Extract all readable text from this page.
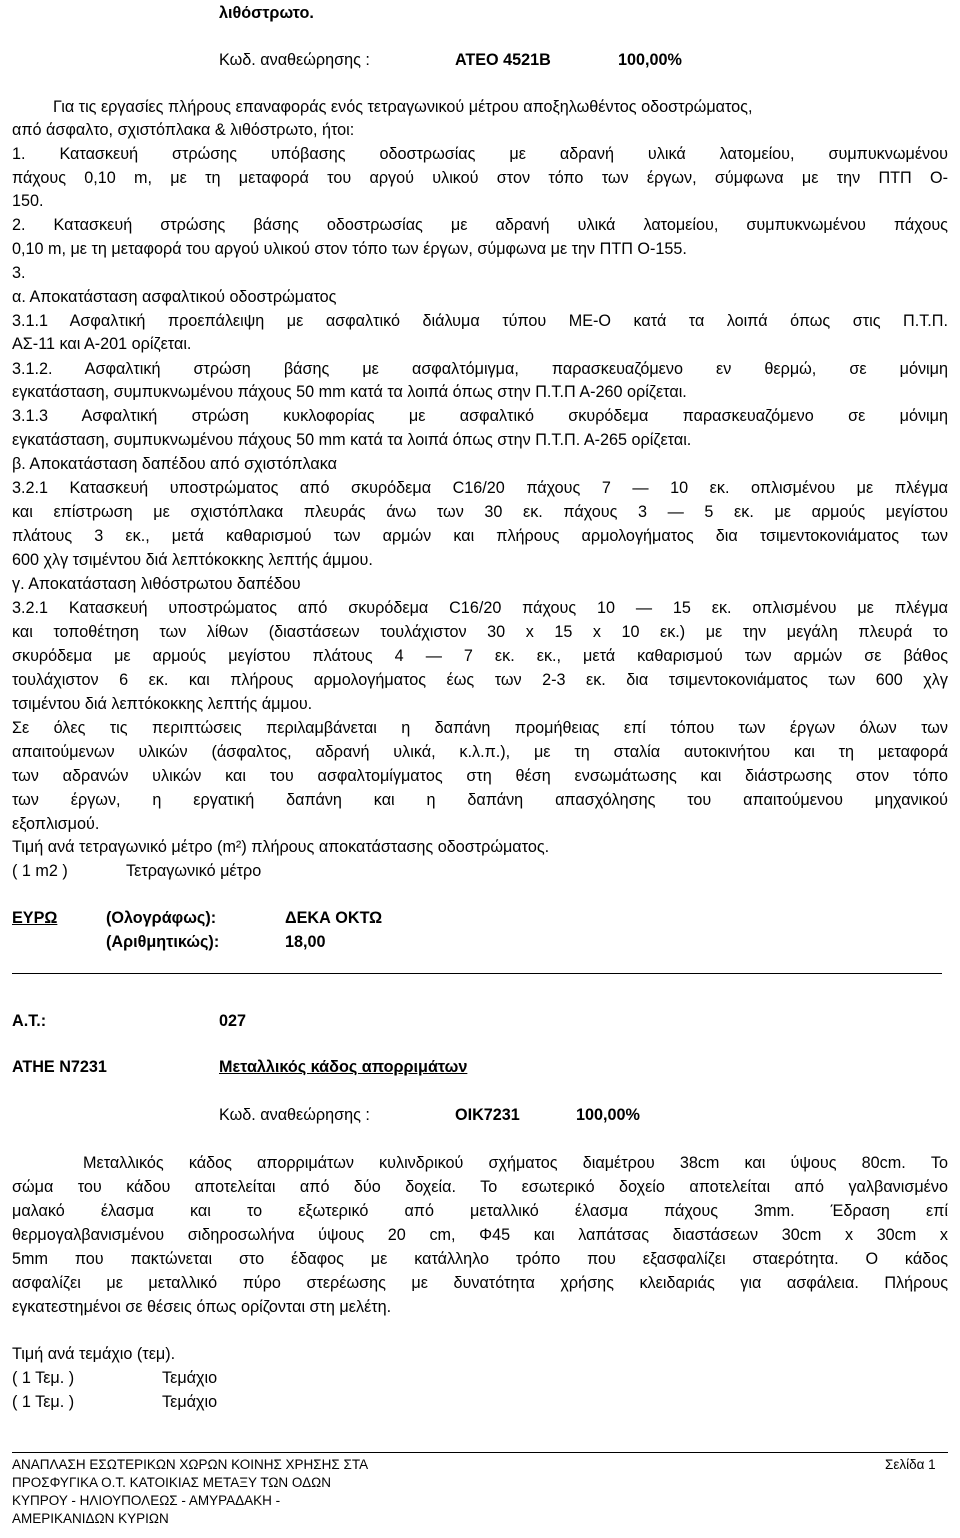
λιθόστρωτο.
Κωδ. αναθεώρησης :	ΑΤΕΟ 4521Β	100,00%
Για τις εργασίες πλήρους επαναφοράς ενός τετραγωνικού μέτρου αποξηλωθέντος οδοστρώματος,
από άσφαλτο, σχιστόπλακα & λιθόστρωτο, ήτοι:
1. Κατασκευή στρώσης υπόβασης οδοστρωσίας με αδρανή υλικά λατομείου, συμπυκνωμένου
πάχους 0,10 m, με τη μεταφορά του αργού υλικού στον τόπο των έργων, σύμφωνα με την ΠΤΠ Ο-
150.
2. Κατασκευή στρώσης βάσης οδοστρωσίας με αδρανή υλικά λατομείου, συμπυκνωμένου πάχους
0,10 m, με τη μεταφορά του αργού υλικού στον τόπο των έργων, σύμφωνα με την ΠΤΠ Ο-155.
3.
α. Αποκατάσταση ασφαλτικού οδοστρώματος
3.1.1 Ασφαλτική προεπάλειψη με ασφαλτικό διάλυμα τύπου ΜΕ-Ο κατά τα λοιπά όπως στις Π.Τ.Π.
ΑΣ-11 και Α-201 ορίζεται.
3.1.2. Ασφαλτική στρώση βάσης με ασφαλτόμιγμα, παρασκευαζόμενο εν θερμώ, σε μόνιμη
εγκατάσταση, συμπυκνωμένου πάχους 50 mm κατά τα λοιπά όπως στην Π.Τ.Π Α-260 ορίζεται.
3.1.3 Ασφαλτική στρώση κυκλοφορίας με ασφαλτικό σκυρόδεμα παρασκευαζόμενο σε μόνιμη
εγκατάσταση, συμπυκνωμένου πάχους 50 mm κατά τα λοιπά όπως στην Π.Τ.Π. Α-265 ορίζεται.
β. Αποκατάσταση δαπέδου από σχιστόπλακα
3.2.1 Κατασκευή υποστρώματος από σκυρόδεμα C16/20 πάχους 7 — 10 εκ. οπλισμένου με πλέγμα
και επίστρωση με σχιστόπλακα πλευράς άνω των 30 εκ. πάχους 3 — 5 εκ. με αρμούς μεγίστου
πλάτους 3 εκ., μετά καθαρισμού των αρμών και πλήρους αρμολογήματος δια τσιμεντοκονιάματος των
600 χλγ τσιμέντου διά λεπτόκοκκης λεπτής άμμου.
γ. Αποκατάσταση λιθόστρωτου δαπέδου
3.2.1 Κατασκευή υποστρώματος από σκυρόδεμα C16/20 πάχους 10 — 15 εκ. οπλισμένου με πλέγμα
και τοποθέτηση των λίθων (διαστάσεων τουλάχιστον 30 x 15 x 10 εκ.) με την μεγάλη πλευρά το
σκυρόδεμα με αρμούς μεγίστου πλάτους 4 — 7 εκ. εκ., μετά καθαρισμού των αρμών σε βάθος
τουλάχιστον 6 εκ. και πλήρους αρμολογήματος έως των 2-3 εκ. δια τσιμεντοκονιάματος των 600 χλγ
τσιμέντου διά λεπτόκοκκης λεπτής άμμου.
Σε όλες τις περιπτώσεις περιλαμβάνεται η δαπάνη προμήθειας επί τόπου των έργων όλων των
απαιτούμενων υλικών (άσφαλτος, αδρανή υλικά, κ.λ.π.), με τη σταλία αυτοκινήτου και τη μεταφορά
των αδρανών υλικών και του ασφαλτομίγματος στη θέση ενσωμάτωσης και διάστρωσης στον τόπο
των έργων, η εργατική δαπάνη και η δαπάνη απασχόλησης του απαιτούμενου μηχανικού
εξοπλισμού.
Τιμή ανά τετραγωνικό μέτρο (m²) πλήρους αποκατάστασης οδοστρώματος.
( 1 m2 )	Τετραγωνικό μέτρο
ΕΥΡΩ	(Ολογράφως):	ΔΕΚΑ ΟΚΤΩ
(Αριθμητικώς):	18,00
Α.Τ.:	027
ΑΤΗΕ Ν7231	Μεταλλικός κάδος απορριμάτων
Κωδ. αναθεώρησης :	ΟΙΚ7231	100,00%
Μεταλλικός κάδος απορριμάτων κυλινδρικού σχήματος διαμέτρου 38cm και ύψους 80cm. Το
σώμα του κάδου αποτελείται από δύο δοχεία. Το εσωτερικό δοχείο αποτελείται από γαλβανισμένο
μαλακό έλασμα και το εξωτερικό από μεταλλικό έλασμα πάχους 3mm. Έδραση επί
θερμογαλβανισμένου σιδηροσωλήνα ύψους 20 cm, Φ45 και λαπάτσας διαστάσεων 30cm x 30cm x
5mm που πακτώνεται στο έδαφος με κατάλληλο τρόπο που εξασφαλίζει σταερότητα. Ο κάδος
ασφαλίζει με μεταλλικό πύρο στερέωσης με δυνατότητα χρήσης κλειδαριάς για ασφάλεια. Πλήρους
εγκατεστημένοι σε θέσεις όπως ορίζονται στη μελέτη.
Τιμή ανά τεμάχιο (τεμ).
( 1 Τεμ. )	Τεμάχιο
( 1 Τεμ. )	Τεμάχιο
ΑΝΑΠΛΑΣΗ ΕΣΩΤΕΡΙΚΩΝ ΧΩΡΩΝ ΚΟΙΝΗΣ ΧΡΗΣΗΣ ΣΤΑ
ΠΡΟΣΦΥΓΙΚΑ Ο.Τ. ΚΑΤΟΙΚΙΑΣ ΜΕΤΑΞΥ ΤΩΝ ΟΔΩΝ
ΚΥΠΡΟΥ - ΗΛΙΟΥΠΟΛΕΩΣ - ΑΜΥΡΑΔΑΚΗ -
ΑΜΕΡΙΚΑΝΙΔΩΝ ΚΥΡΙΩΝ
Σελίδα 1
